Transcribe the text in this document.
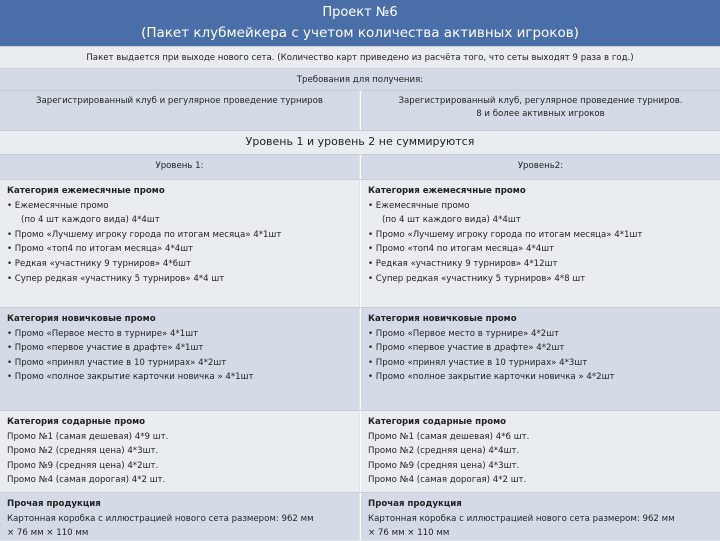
Проект №6
(Пакет клубмейкера с учетом количества активных игроков)
Пакет выдается при выходе нового сета. (Количество карт приведено из расчёта того, что сеты выходят 9 раза в год.)
Требования для получения:
Зарегистрированный клуб и регулярное проведение турниров	Зарегистрированный клуб, регулярное проведение турниров.
8 и более активных игроков
Уровень 1 и уровень 2 не суммируются
Уровень 1:	Уровень2:
Категория ежемесячные промо
• Ежемесячные промо
(по 4 шт каждого вида) 4*4шт
• Промо «Лучшему игроку города по итогам месяца» 4*1шт
• Промо «топ4 по итогам месяца» 4*4шт
• Редкая «участнику 9 турниров» 4*6шт
• Супер редкая «участнику 5 турниров» 4*4 шт
Категория ежемесячные промо
• Ежемесячные промо
(по 4 шт каждого вида) 4*4шт
• Промо «Лучшему игроку города по итогам месяца» 4*1шт
• Промо «топ4 по итогам месяца» 4*4шт
• Редкая «участнику 9 турниров» 4*12шт
• Супер редкая «участнику 5 турниров» 4*8 шт
Категория новичковые промо
• Промо «Первое место в турнире» 4*1шт
• Промо «первое участие в драфте» 4*1шт
• Промо «принял участие в 10 турнирах» 4*2шт
• Промо «полное закрытие карточки новичка » 4*1шт
Категория новичковые промо
• Промо «Первое место в турнире» 4*2шт
• Промо «первое участие в драфте» 4*2шт
• Промо «принял участие в 10 турнирах» 4*3шт
• Промо «полное закрытие карточки новичка » 4*2шт
Категория содарные промо
Промо №1 (самая дешевая) 4*9 шт.
Промо №2 (средняя цена) 4*3шт.
Промо №9 (средняя цена) 4*2шт.
Промо №4 (самая дорогая) 4*2 шт.
Категория содарные промо
Промо №1 (самая дешевая) 4*6 шт.
Промо №2 (средняя цена) 4*4шт.
Промо №9 (средняя цена) 4*3шт.
Промо №4 (самая дорогая) 4*2 шт.
Прочая продукция
Картонная коробка с иллюстрацией нового сета размером: 962 мм
× 76 мм × 110 мм
Прочая продукция
Картонная коробка с иллюстрацией нового сета размером: 962 мм
× 76 мм × 110 мм
